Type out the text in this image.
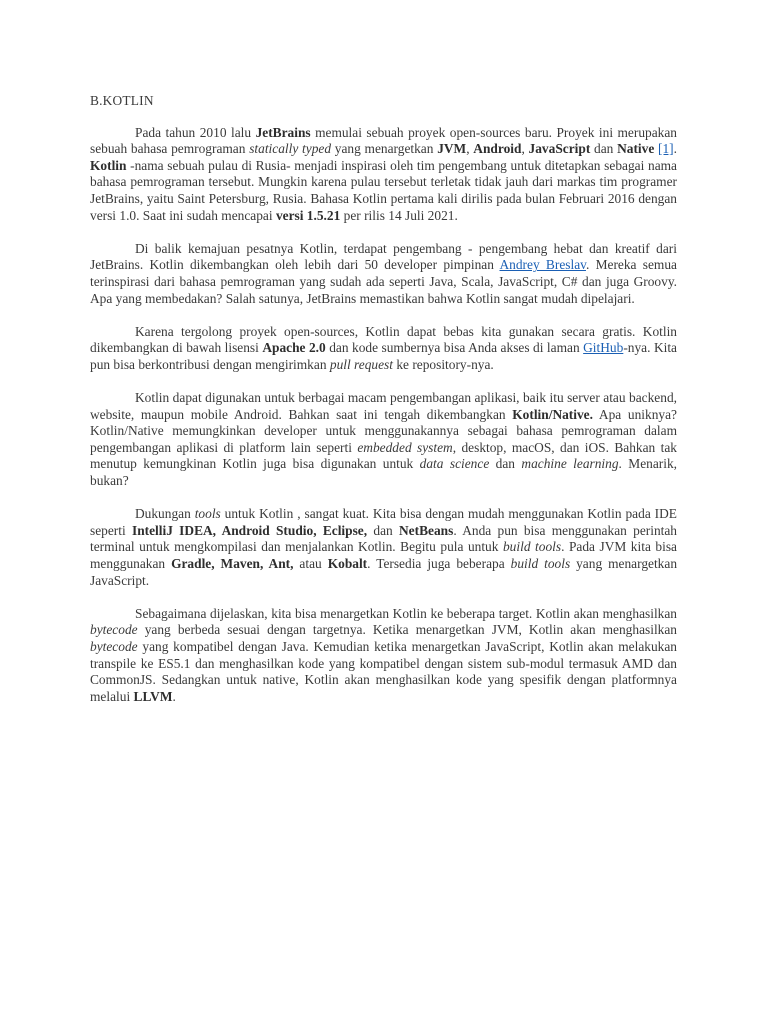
B.KOTLIN

Pada tahun 2010 lalu JetBrains memulai sebuah proyek open-sources baru. Proyek ini merupakan sebuah bahasa pemrograman statically typed yang menargetkan JVM, Android, JavaScript dan Native [1]. Kotlin -nama sebuah pulau di Rusia- menjadi inspirasi oleh tim pengembang untuk ditetapkan sebagai nama bahasa pemrograman tersebut. Mungkin karena pulau tersebut terletak tidak jauh dari markas tim programer JetBrains, yaitu Saint Petersburg, Rusia. Bahasa Kotlin pertama kali dirilis pada bulan Februari 2016 dengan versi 1.0. Saat ini sudah mencapai versi 1.5.21 per rilis 14 Juli 2021.

Di balik kemajuan pesatnya Kotlin, terdapat pengembang - pengembang hebat dan kreatif dari JetBrains. Kotlin dikembangkan oleh lebih dari 50 developer pimpinan Andrey Breslav. Mereka semua terinspirasi dari bahasa pemrograman yang sudah ada seperti Java, Scala, JavaScript, C# dan juga Groovy. Apa yang membedakan? Salah satunya, JetBrains memastikan bahwa Kotlin sangat mudah dipelajari.

Karena tergolong proyek open-sources, Kotlin dapat bebas kita gunakan secara gratis. Kotlin dikembangkan di bawah lisensi Apache 2.0 dan kode sumbernya bisa Anda akses di laman GitHub-nya. Kita pun bisa berkontribusi dengan mengirimkan pull request ke repository-nya.

Kotlin dapat digunakan untuk berbagai macam pengembangan aplikasi, baik itu server atau backend, website, maupun mobile Android. Bahkan saat ini tengah dikembangkan Kotlin/Native. Apa uniknya? Kotlin/Native memungkinkan developer untuk menggunakannya sebagai bahasa pemrograman dalam pengembangan aplikasi di platform lain seperti embedded system, desktop, macOS, dan iOS. Bahkan tak menutup kemungkinan Kotlin juga bisa digunakan untuk data science dan machine learning. Menarik, bukan?

Dukungan tools untuk Kotlin , sangat kuat. Kita bisa dengan mudah menggunakan Kotlin pada IDE seperti IntelliJ IDEA, Android Studio, Eclipse, dan NetBeans. Anda pun bisa menggunakan perintah terminal untuk mengkompilasi dan menjalankan Kotlin. Begitu pula untuk build tools. Pada JVM kita bisa menggunakan Gradle, Maven, Ant, atau Kobalt. Tersedia juga beberapa build tools yang menargetkan JavaScript.

Sebagaimana dijelaskan, kita bisa menargetkan Kotlin ke beberapa target. Kotlin akan menghasilkan bytecode yang berbeda sesuai dengan targetnya. Ketika menargetkan JVM, Kotlin akan menghasilkan bytecode yang kompatibel dengan Java. Kemudian ketika menargetkan JavaScript, Kotlin akan melakukan transpile ke ES5.1 dan menghasilkan kode yang kompatibel dengan sistem sub-modul termasuk AMD dan CommonJS. Sedangkan untuk native, Kotlin akan menghasilkan kode yang spesifik dengan platformnya melalui LLVM.
